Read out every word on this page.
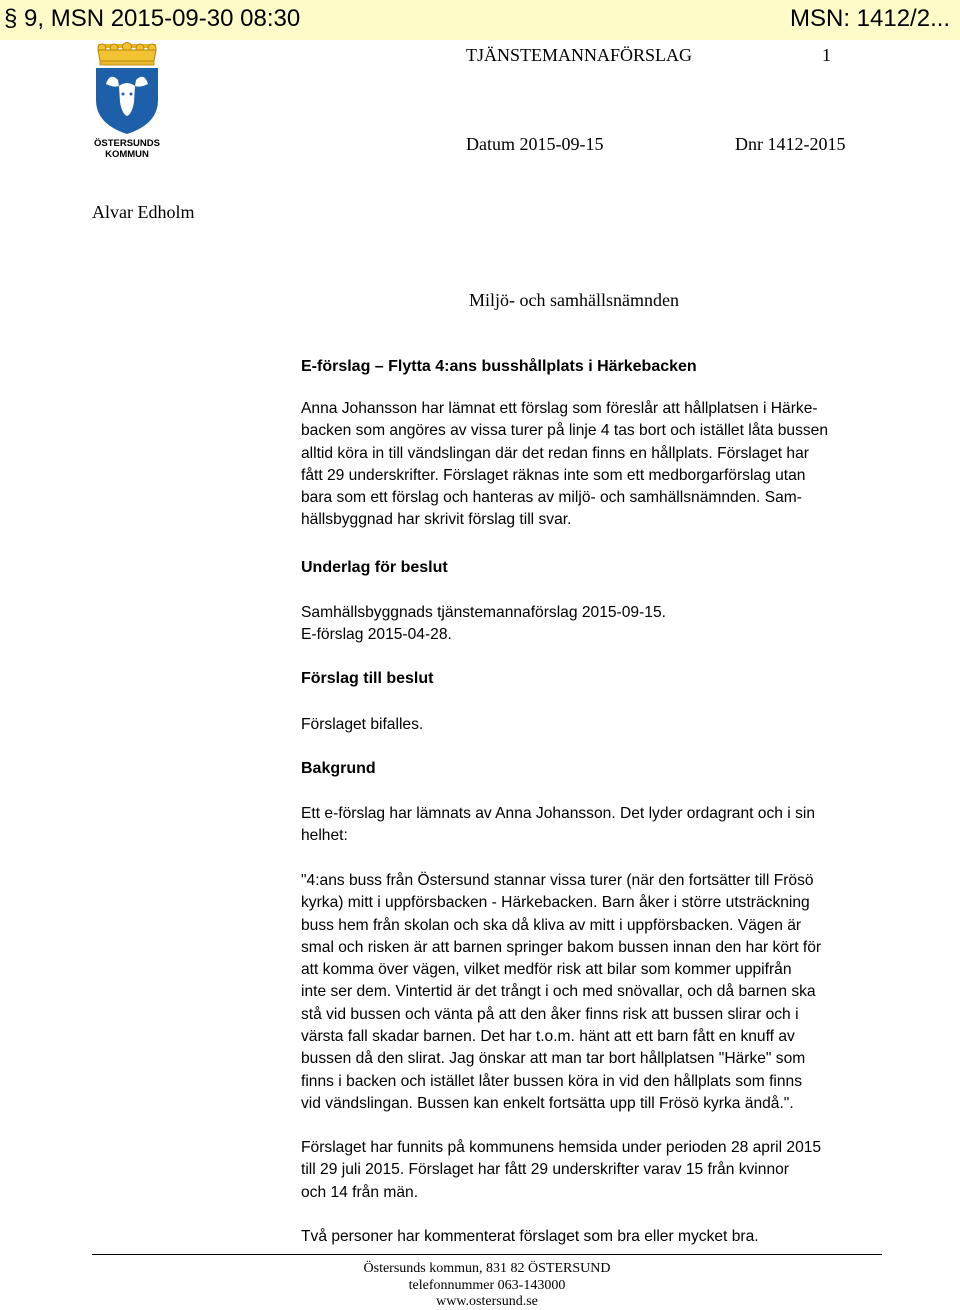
§ 9, MSN 2015-09-30 08:30	MSN: 1412/2...
ÖSTERSUNDS
KOMMUN
TJÄNSTEMANNAFÖRSLAG	1
Datum 2015-09-15	Dnr 1412-2015
Alvar Edholm
Miljö- och samhällsnämnden
E-förslag – Flytta 4:ans busshållplats i Härkebacken

Anna Johansson har lämnat ett förslag som föreslår att hållplatsen i Härke-
backen som angöres av vissa turer på linje 4 tas bort och istället låta bussen
alltid köra in till vändslingan där det redan finns en hållplats. Förslaget har
fått 29 underskrifter. Förslaget räknas inte som ett medborgarförslag utan
bara som ett förslag och hanteras av miljö- och samhällsnämnden. Sam-
hällsbyggnad har skrivit förslag till svar.

Underlag för beslut

Samhällsbyggnads tjänstemannaförslag 2015-09-15.
E-förslag 2015-04-28.

Förslag till beslut
Förslaget bifalles.
Bakgrund

Ett e-förslag har lämnats av Anna Johansson. Det lyder ordagrant och i sin
helhet:

"4:ans buss från Östersund stannar vissa turer (när den fortsätter till Frösö
kyrka) mitt i uppförsbacken - Härkebacken. Barn åker i större utsträckning
buss hem från skolan och ska då kliva av mitt i uppförsbacken. Vägen är
smal och risken är att barnen springer bakom bussen innan den har kört för
att komma över vägen, vilket medför risk att bilar som kommer uppifrån
inte ser dem. Vintertid är det trångt i och med snövallar, och då barnen ska
stå vid bussen och vänta på att den åker finns risk att bussen slirar och i
värsta fall skadar barnen. Det har t.o.m. hänt att ett barn fått en knuff av
bussen då den slirat. Jag önskar att man tar bort hållplatsen "Härke" som
finns i backen och istället låter bussen köra in vid den hållplats som finns
vid vändslingan. Bussen kan enkelt fortsätta upp till Frösö kyrka ändå.".

Förslaget har funnits på kommunens hemsida under perioden 28 april 2015
till 29 juli 2015. Förslaget har fått 29 underskrifter varav 15 från kvinnor
och 14 från män.

Två personer har kommenterat förslaget som bra eller mycket bra.
Östersunds kommun, 831 82 ÖSTERSUND
telefonnummer 063-143000
www.ostersund.se
